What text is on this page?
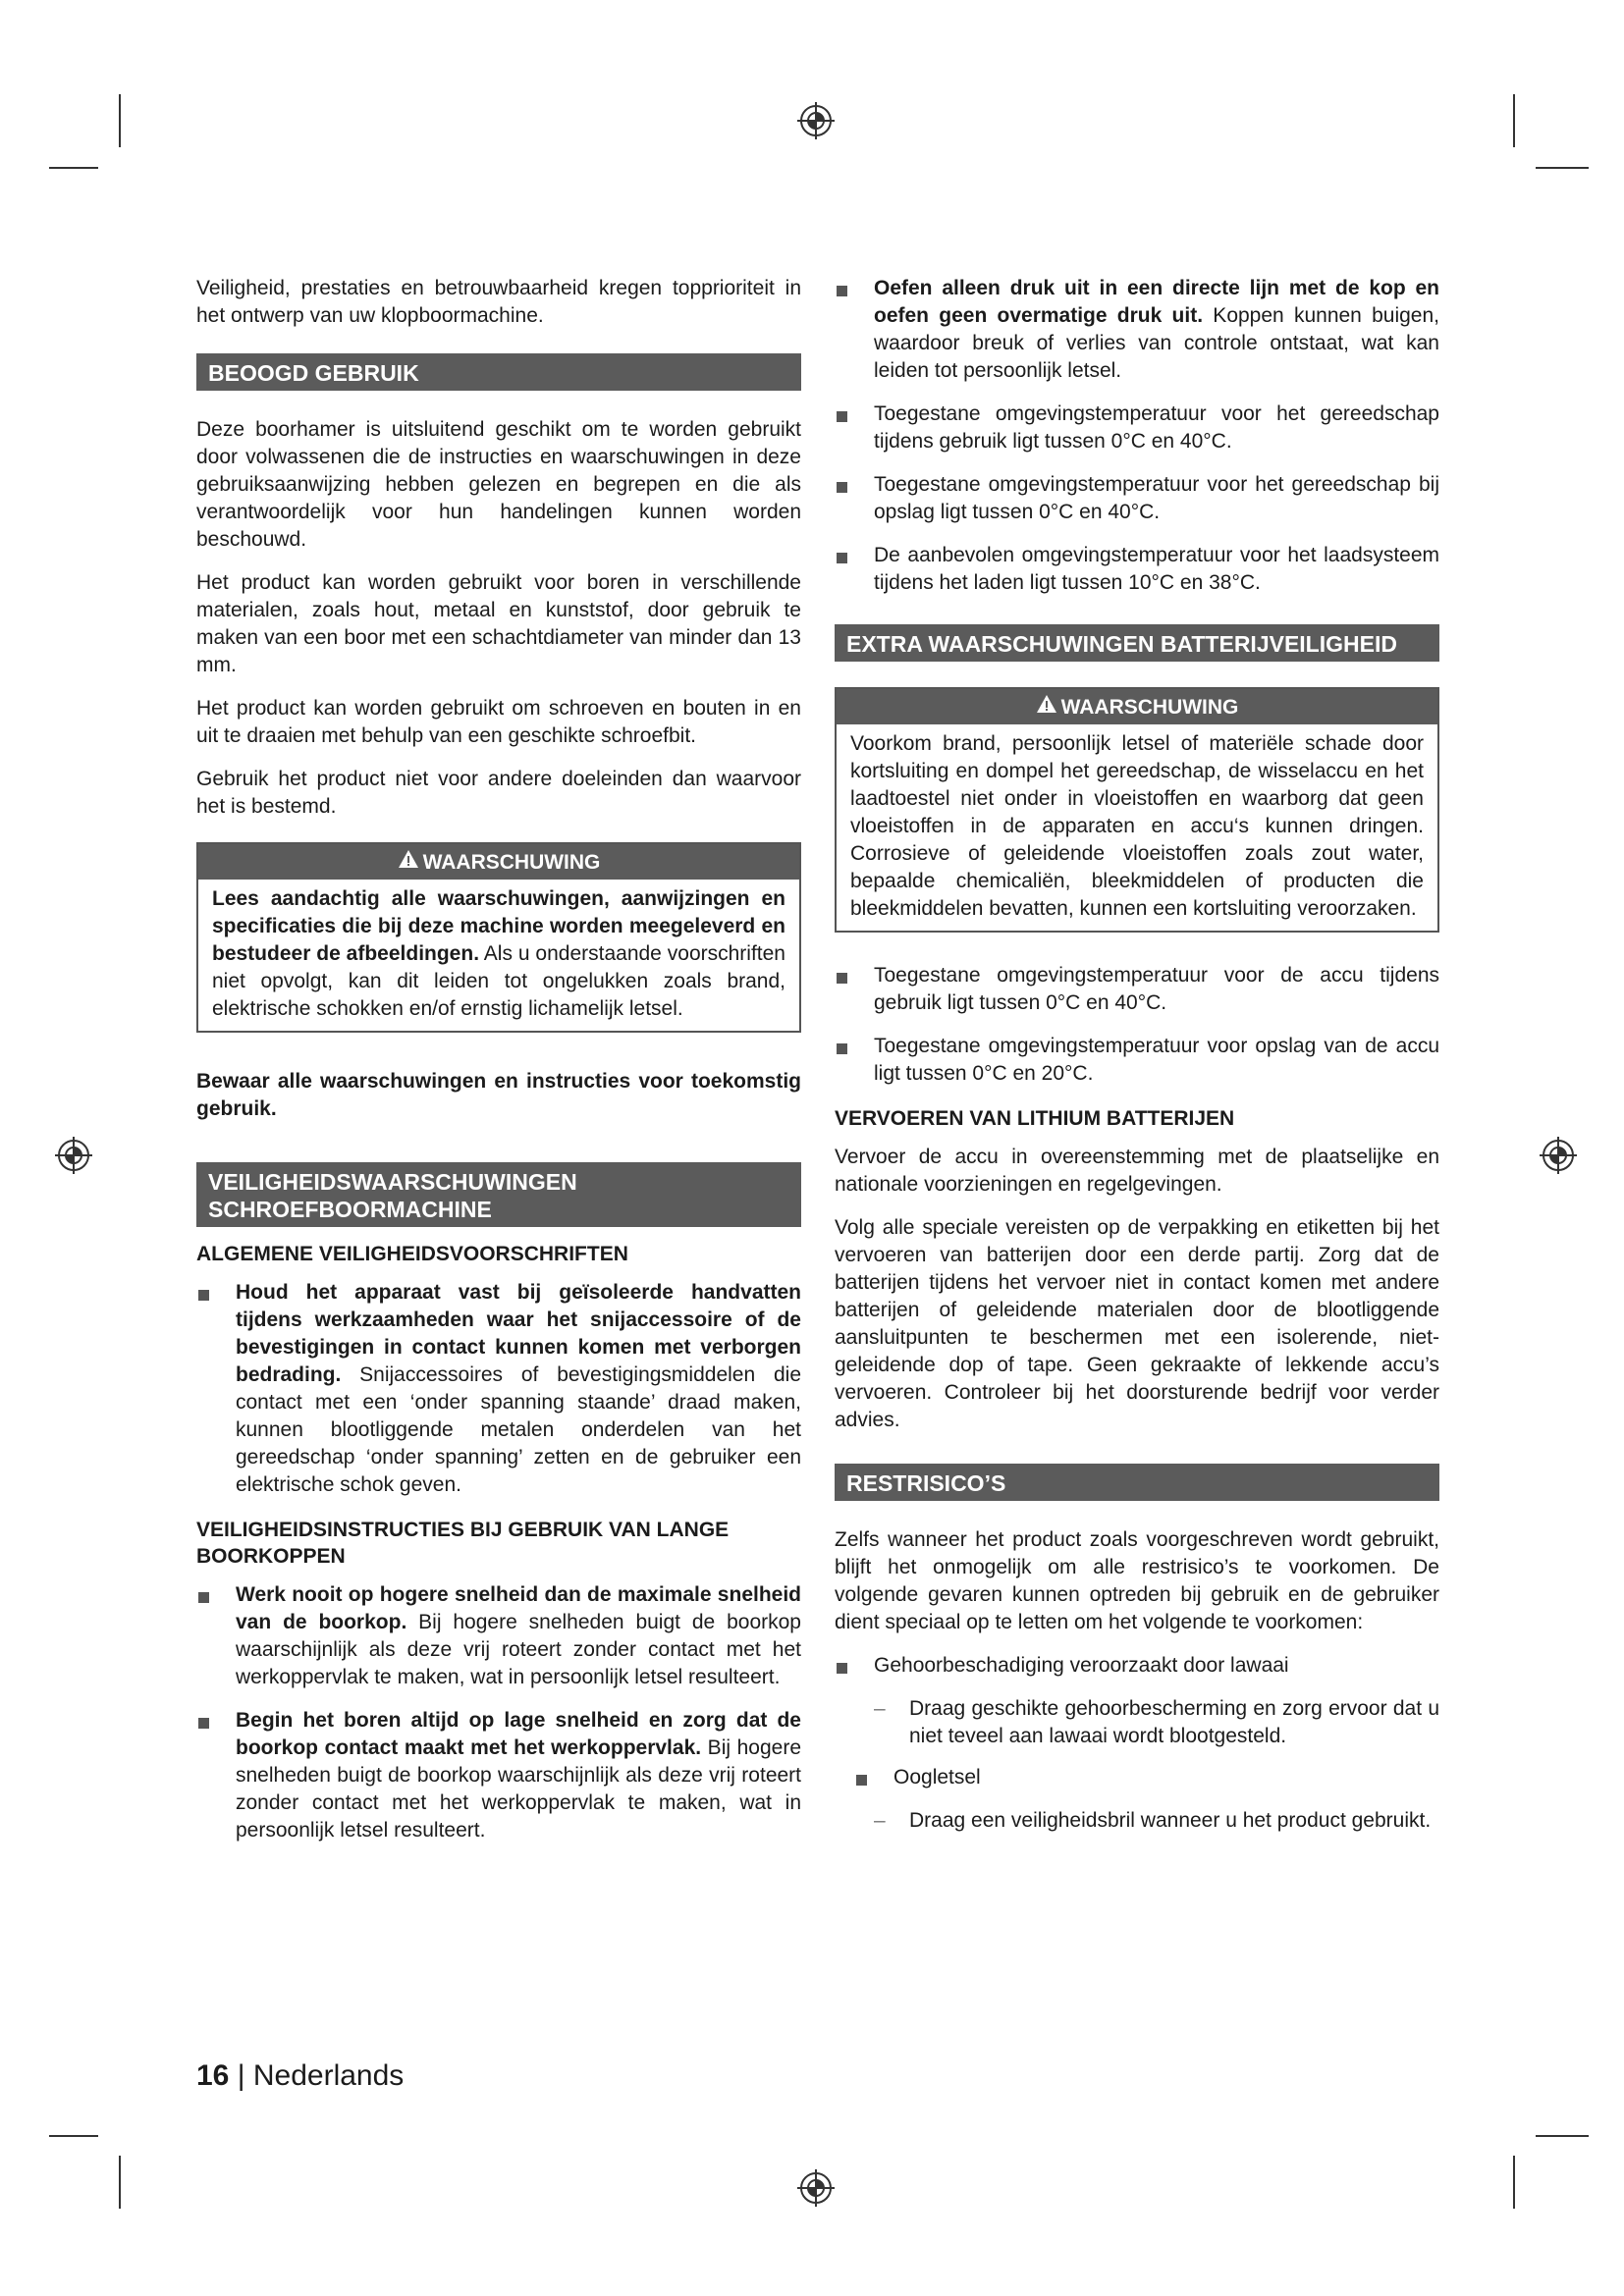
Veiligheid, prestaties en betrouwbaarheid kregen topprioriteit in het ontwerp van uw klopboormachine.

BEOOGD GEBRUIK

Deze boorhamer is uitsluitend geschikt om te worden gebruikt door volwassenen die de instructies en waarschuwingen in deze gebruiksaanwijzing hebben gelezen en begrepen en die als verantwoordelijk voor hun handelingen kunnen worden beschouwd.

Het product kan worden gebruikt voor boren in verschillende materialen, zoals hout, metaal en kunststof, door gebruik te maken van een boor met een schachtdiameter van minder dan 13 mm.

Het product kan worden gebruikt om schroeven en bouten in en uit te draaien met behulp van een geschikte schroefbit.

Gebruik het product niet voor andere doeleinden dan waarvoor het is bestemd.

WAARSCHUWING

Lees aandachtig alle waarschuwingen, aanwijzingen en specificaties die bij deze machine worden meegeleverd en bestudeer de afbeeldingen. Als u onderstaande voorschriften niet opvolgt, kan dit leiden tot ongelukken zoals brand, elektrische schokken en/of ernstig lichamelijk letsel.

Bewaar alle waarschuwingen en instructies voor toekomstig gebruik.

VEILIGHEIDSWAARSCHUWINGEN SCHROEFBOORMACHINE
ALGEMENE VEILIGHEIDSVOORSCHRIFTEN
Houd het apparaat vast bij geïsoleerde handvatten tijdens werkzaamheden waar het snijaccessoire of de bevestigingen in contact kunnen komen met verborgen bedrading. Snijaccessoires of bevestigingsmiddelen die contact met een ‘onder spanning staande’ draad maken, kunnen blootliggende metalen onderdelen van het gereedschap ‘onder spanning’ zetten en de gebruiker een elektrische schok geven.
VEILIGHEIDSINSTRUCTIES BIJ GEBRUIK VAN LANGE BOORKOPPEN
Werk nooit op hogere snelheid dan de maximale snelheid van de boorkop. Bij hogere snelheden buigt de boorkop waarschijnlijk als deze vrij roteert zonder contact met het werkoppervlak te maken, wat in persoonlijk letsel resulteert.
Begin het boren altijd op lage snelheid en zorg dat de boorkop contact maakt met het werkoppervlak. Bij hogere snelheden buigt de boorkop waarschijnlijk als deze vrij roteert zonder contact met het werkoppervlak te maken, wat in persoonlijk letsel resulteert.
Oefen alleen druk uit in een directe lijn met de kop en oefen geen overmatige druk uit. Koppen kunnen buigen, waardoor breuk of verlies van controle ontstaat, wat kan leiden tot persoonlijk letsel.
Toegestane omgevingstemperatuur voor het gereedschap tijdens gebruik ligt tussen 0°C en 40°C.
Toegestane omgevingstemperatuur voor het gereedschap bij opslag ligt tussen 0°C en 40°C.
De aanbevolen omgevingstemperatuur voor het laadsysteem tijdens het laden ligt tussen 10°C en 38°C.
EXTRA WAARSCHUWINGEN BATTERIJVEILIGHEID
WAARSCHUWING

Voorkom brand, persoonlijk letsel of materiële schade door kortsluiting en dompel het gereedschap, de wisselaccu en het laadtoestel niet onder in vloeistoffen en waarborg dat geen vloeistoffen in de apparaten en accu‘s kunnen dringen. Corrosieve of geleidende vloeistoffen zoals zout water, bepaalde chemicaliën, bleekmiddelen of producten die bleekmiddelen bevatten, kunnen een kortsluiting veroorzaken.

Toegestane omgevingstemperatuur voor de accu tijdens gebruik ligt tussen 0°C en 40°C.
Toegestane omgevingstemperatuur voor opslag van de accu ligt tussen 0°C en 20°C.
VERVOEREN VAN LITHIUM BATTERIJEN

Vervoer de accu in overeenstemming met de plaatselijke en nationale voorzieningen en regelgevingen.

Volg alle speciale vereisten op de verpakking en etiketten bij het vervoeren van batterijen door een derde partij. Zorg dat de batterijen tijdens het vervoer niet in contact komen met andere batterijen of geleidende materialen door de blootliggende aansluitpunten te beschermen met een isolerende, niet-geleidende dop of tape. Geen gekraakte of lekkende accu’s vervoeren. Controleer bij het doorsturende bedrijf voor verder advies.

RESTRISICO’S

Zelfs wanneer het product zoals voorgeschreven wordt gebruikt, blijft het onmogelijk om alle restrisico’s te voorkomen. De volgende gevaren kunnen optreden bij gebruik en de gebruiker dient speciaal op te letten om het volgende te voorkomen:

Gehoorbeschadiging veroorzaakt door lawaai
– Draag geschikte gehoorbescherming en zorg ervoor dat u niet teveel aan lawaai wordt blootgesteld.
Oogletsel
– Draag een veiligheidsbril wanneer u het product gebruikt.
16 | Nederlands
